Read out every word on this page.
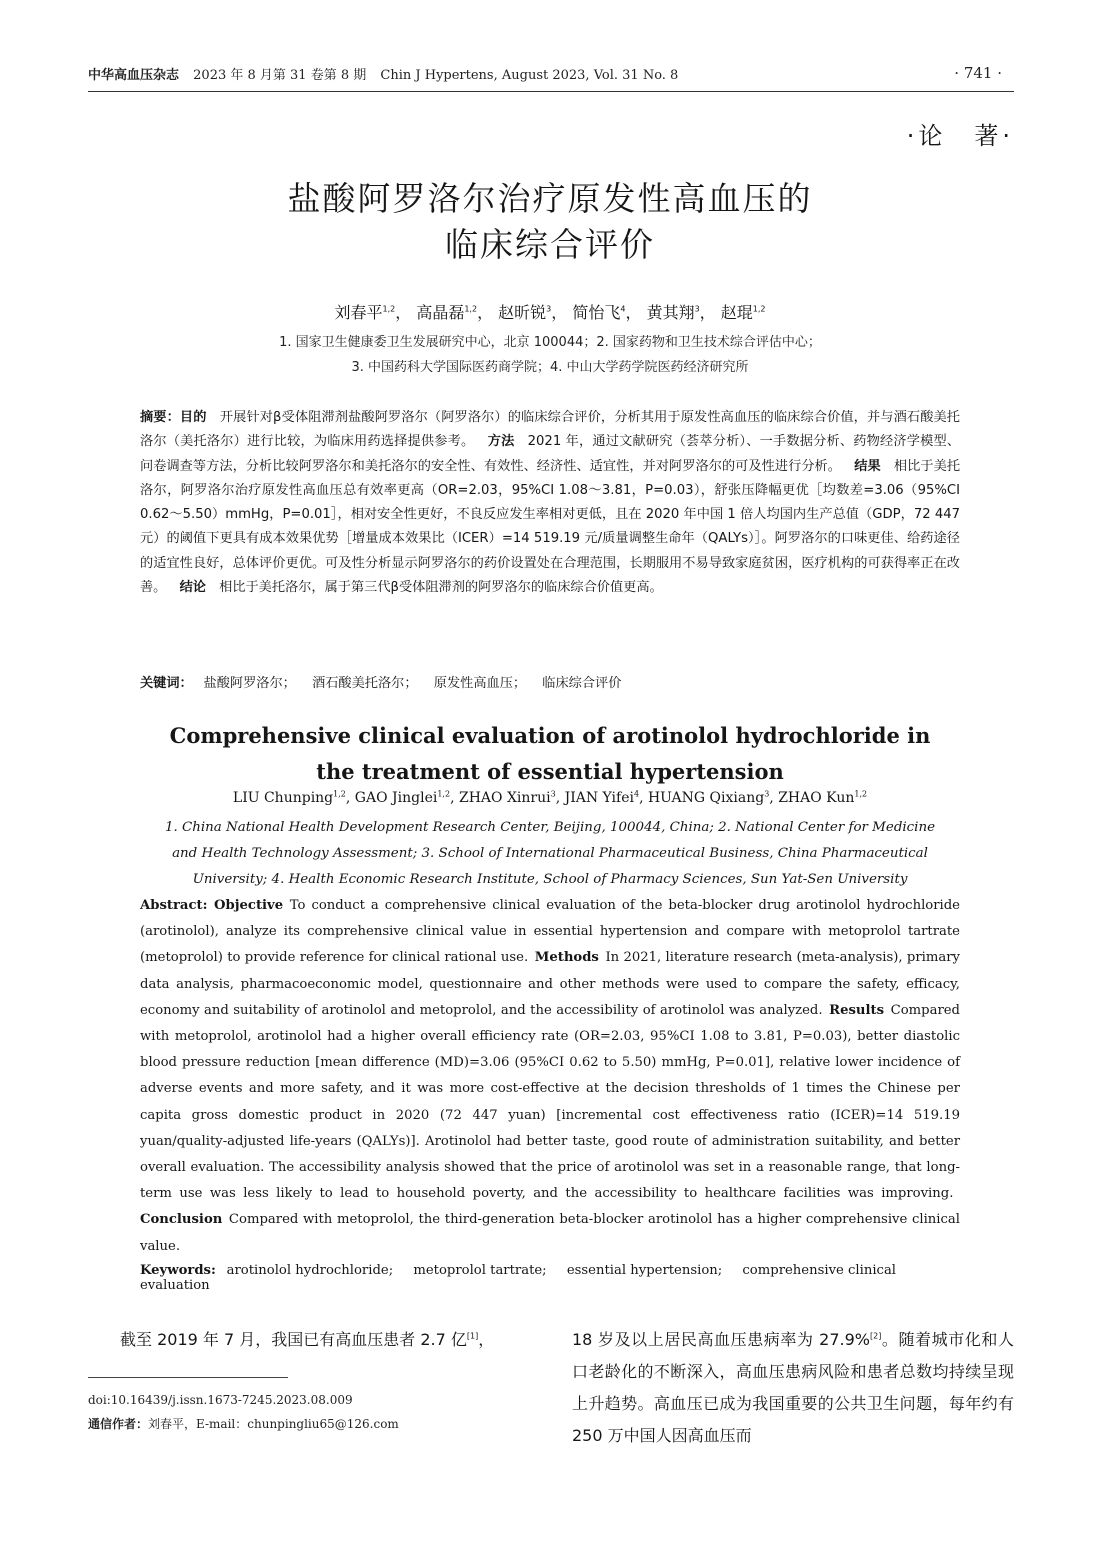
中华高血压杂志 2023 年 8 月第 31 卷第 8 期 Chin J Hypertens, August 2023, Vol. 31 No. 8	· 741 ·
·论　著·
盐酸阿罗洛尔治疗原发性高血压的
临床综合评价
刘春平$^{1,2}$， 高晶磊$^{1,2}$， 赵昕锐$^3$， 简怡飞$^4$， 黄其翔$^3$， 赵琨$^{1,2}$
1. 国家卫生健康委卫生发展研究中心，北京 100044；2. 国家药物和卫生技术综合评估中心；
3. 中国药科大学国际医药商学院；4. 中山大学药学院医药经济研究所
摘要：目的  开展针对β受体阻滞剂盐酸阿罗洛尔（阿罗洛尔）的临床综合评价，分析其用于原发性高血压的临床综合价值，并与酒石酸美托洛尔（美托洛尔）进行比较，为临床用药选择提供参考。  方法  2021 年，通过文献研究（荟萃分析）、一手数据分析、药物经济学模型、问卷调查等方法，分析比较阿罗洛尔和美托洛尔的安全性、有效性、经济性、适宜性，并对阿罗洛尔的可及性进行分析。  结果  相比于美托洛尔，阿罗洛尔治疗原发性高血压总有效率更高（OR=2.03，95%CI 1.08～3.81，P=0.03），舒张压降幅更优［均数差=3.06（95%CI 0.62～5.50）mmHg，P=0.01］，相对安全性更好，不良反应发生率相对更低，且在 2020 年中国 1 倍人均国内生产总值（GDP，72 447 元）的阈值下更具有成本效果优势［增量成本效果比（ICER）=14 519.19 元/质量调整生命年（QALYs）］。阿罗洛尔的口味更佳、给药途径的适宜性良好，总体评价更优。可及性分析显示阿罗洛尔的药价设置处在合理范围，长期服用不易导致家庭贫困，医疗机构的可获得率正在改善。  结论  相比于美托洛尔，属于第三代β受体阻滞剂的阿罗洛尔的临床综合价值更高。
关键词：  盐酸阿罗洛尔； 酒石酸美托洛尔； 原发性高血压； 临床综合评价
Comprehensive clinical evaluation of arotinolol hydrochloride in
the treatment of essential hypertension
LIU Chunping$^{1,2}$, GAO Jinglei$^{1,2}$, ZHAO Xinrui$^3$, JIAN Yifei$^4$, HUANG Qixiang$^3$, ZHAO Kun$^{1,2}$
1. China National Health Development Research Center, Beijing, 100044, China; 2. National Center for Medicine and Health Technology Assessment; 3. School of International Pharmaceutical Business, China Pharmaceutical University; 4. Health Economic Research Institute, School of Pharmacy Sciences, Sun Yat-Sen University
Abstract:  Objective  To conduct a comprehensive clinical evaluation of the beta-blocker drug arotinolol hydrochloride (arotinolol), analyze its comprehensive clinical value in essential hypertension and compare with metoprolol tartrate (metoprolol) to provide reference for clinical rational use.  Methods  In 2021, literature research (meta-analysis), primary data analysis, pharmacoeconomic model, questionnaire and other methods were used to compare the safety, efficacy, economy and suitability of arotinolol and metoprolol, and the accessibility of arotinolol was analyzed.  Results  Compared with metoprolol, arotinolol had a higher overall efficiency rate (OR=2.03, 95%CI 1.08 to 3.81, P=0.03), better diastolic blood pressure reduction [mean difference (MD)=3.06 (95%CI 0.62 to 5.50) mmHg, P=0.01], relative lower incidence of adverse events and more safety, and it was more cost-effective at the decision thresholds of 1 times the Chinese per capita gross domestic product in 2020 (72 447 yuan) [incremental cost effectiveness ratio (ICER)=14 519.19 yuan/quality-adjusted life-years (QALYs)]. Arotinolol had better taste, good route of administration suitability, and better overall evaluation. The accessibility analysis showed that the price of arotinolol was set in a reasonable range, that long-term use was less likely to lead to household poverty, and the accessibility to healthcare facilities was improving. Conclusion  Compared with metoprolol, the third-generation beta-blocker arotinolol has a higher comprehensive clinical value.
Keywords:  arotinolol hydrochloride; metoprolol tartrate; essential hypertension; comprehensive clinical evaluation

截至 2019 年 7 月，我国已有高血压患者 2.7 亿[1]，

doi:10.16439/j.issn.1673-7245.2023.08.009
通信作者：刘春平，E-mail：chunpingliu65@126.com

18 岁及以上居民高血压患病率为 27.9%[2]。随着城市化和人口老龄化的不断深入，高血压患病风险和患者总数均持续呈现上升趋势。高血压已成为我国重要的公共卫生问题，每年约有 250 万中国人因高血压而
